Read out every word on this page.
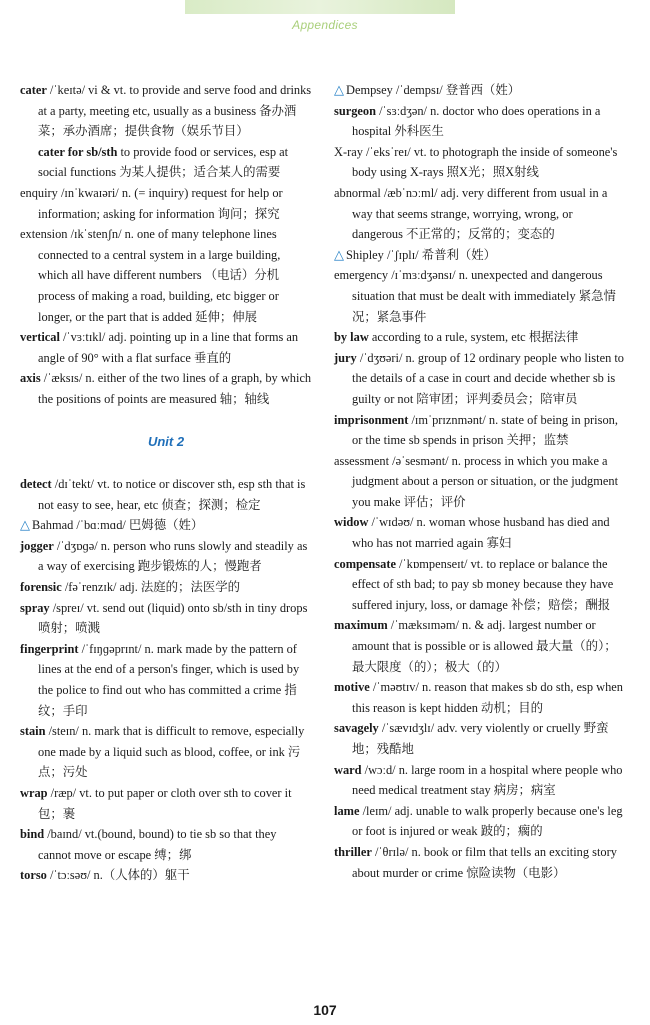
Appendices
cater /ˈkeɪtə/ vi & vt. to provide and serve food and drinks at a party, meeting etc, usually as a business 备办酒菜；承办酒席；提供食物（娱乐节目）
cater for sb/sth to provide food or services, esp at social functions 为某人提供；适合某人的需要
enquiry /ɪnˈkwaɪəri/ n. (= inquiry) request for help or information; asking for information 询问；探究
extension /ɪkˈstenʃn/ n. one of many telephone lines connected to a central system in a large building, which all have different numbers （电话）分机 process of making a road, building, etc bigger or longer, or the part that is added 延伸；伸展
vertical /ˈvɜːtɪkl/ adj. pointing up in a line that forms an angle of 90° with a flat surface 垂直的
axis /ˈæksɪs/ n. either of the two lines of a graph, by which the positions of points are measured 轴；轴线
Unit 2
detect /dɪˈtekt/ vt. to notice or discover sth, esp sth that is not easy to see, hear, etc 侦查；探测；检定
△ Bahmad /ˈbɑːmɑd/ 巴姆德（姓）
jogger /ˈdʒɒɡə/ n. person who runs slowly and steadily as a way of exercising 跑步锻炼的人；慢跑者
forensic /fəˈrenzɪk/ adj. 法庭的；法医学的
spray /spreɪ/ vt. send out (liquid) onto sb/sth in tiny drops 喷射；喷溅
fingerprint /ˈfɪŋɡəprɪnt/ n. mark made by the pattern of lines at the end of a person's finger, which is used by the police to find out who has committed a crime 指纹；手印
stain /steɪn/ n. mark that is difficult to remove, especially one made by a liquid such as blood, coffee, or ink 污点；污处
wrap /ræp/ vt. to put paper or cloth over sth to cover it 包；裹
bind /baɪnd/ vt.(bound, bound) to tie sb so that they cannot move or escape 缚；绑
torso /ˈtɔːsəʊ/ n.（人体的）躯干
△ Dempsey /ˈdempsɪ/ 登普西（姓）
surgeon /ˈsɜːdʒən/ n. doctor who does operations in a hospital 外科医生
X-ray /ˈeksˈreɪ/ vt. to photograph the inside of someone's body using X-rays 照X光；照X射线
abnormal /æbˈnɔːml/ adj. very different from usual in a way that seems strange, worrying, wrong, or dangerous 不正常的；反常的；变态的
△ Shipley /ˈʃɪplɪ/ 希普利（姓）
emergency /ɪˈmɜːdʒənsɪ/ n. unexpected and dangerous situation that must be dealt with immediately 紧急情况；紧急事件
by law according to a rule, system, etc 根据法律
jury /ˈdʒʊəri/ n. group of 12 ordinary people who listen to the details of a case in court and decide whether sb is guilty or not 陪审团；评判委员会；陪审员
imprisonment /ɪmˈprɪznmənt/ n. state of being in prison, or the time sb spends in prison 关押；监禁
assessment /əˈsesmənt/ n. process in which you make a judgment about a person or situation, or the judgment you make 评估；评价
widow /ˈwɪdəʊ/ n. woman whose husband has died and who has not married again 寡妇
compensate /ˈkɒmpenseɪt/ vt. to replace or balance the effect of sth bad; to pay sb money because they have suffered injury, loss, or damage 补偿；赔偿；酬报
maximum /ˈmæksɪməm/ n. & adj. largest number or amount that is possible or is allowed 最大量（的）；最大限度（的）；极大（的）
motive /ˈməʊtɪv/ n. reason that makes sb do sth, esp when this reason is kept hidden 动机；目的
savagely /ˈsævɪdʒlɪ/ adv. very violently or cruelly 野蛮地；残酷地
ward /wɔːd/ n. large room in a hospital where people who need medical treatment stay 病房；病室
lame /leɪm/ adj. unable to walk properly because one's leg or foot is injured or weak 跛的；瘸的
thriller /ˈθrɪlə/ n. book or film that tells an exciting story about murder or crime 惊险读物（电影）
107
